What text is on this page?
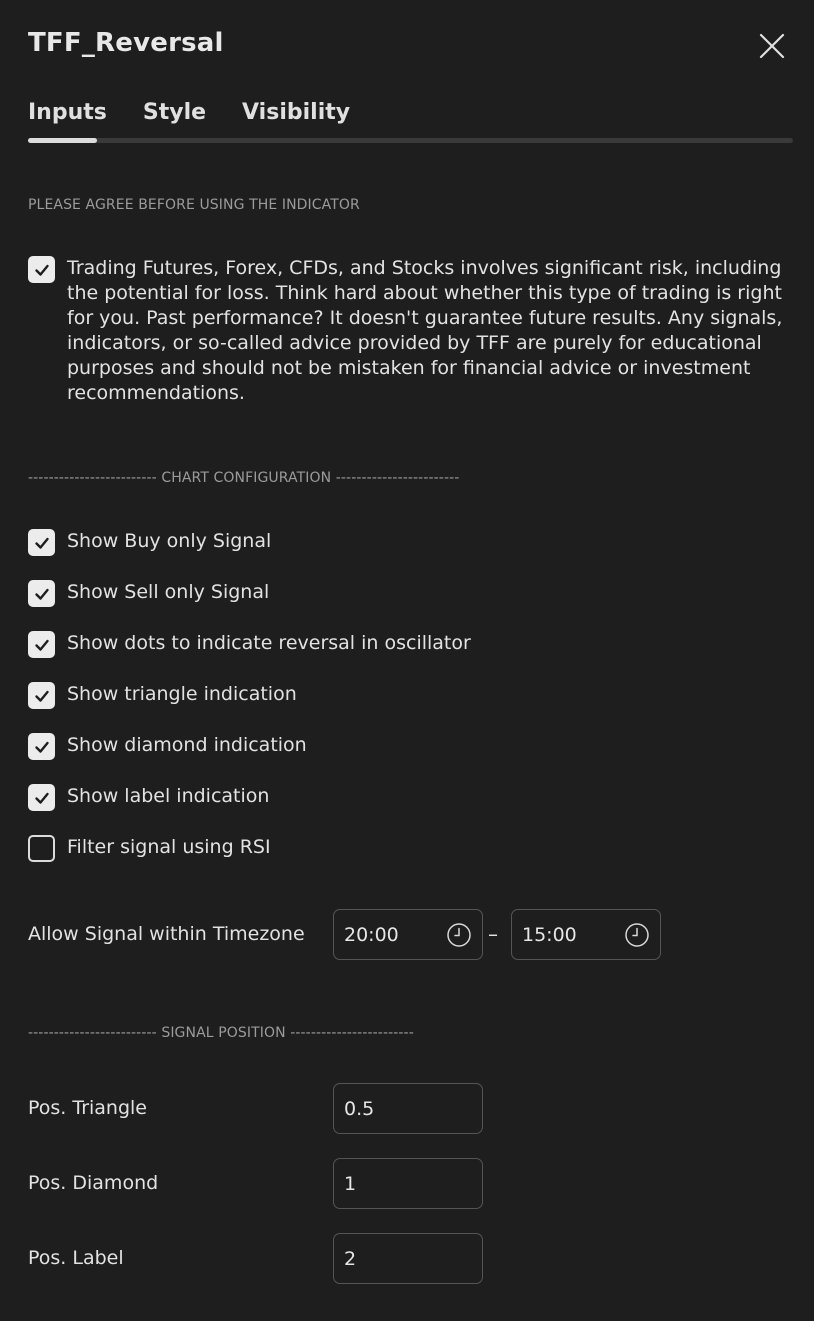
TFF_Reversal
Inputs Style Visibility
PLEASE AGREE BEFORE USING THE INDICATOR
Trading Futures, Forex, CFDs, and Stocks involves significant risk, including the potential for loss. Think hard about whether this type of trading is right for you. Past performance? It doesn't guarantee future results. Any signals, indicators, or so-called advice provided by TFF are purely for educational purposes and should not be mistaken for financial advice or investment recommendations.
------------------------- CHART CONFIGURATION ------------------------
Show Buy only Signal
Show Sell only Signal
Show dots to indicate reversal in oscillator
Show triangle indication
Show diamond indication
Show label indication
Filter signal using RSI
Allow Signal within Timezone 20:00	– 15:00
------------------------- SIGNAL POSITION ------------------------
Pos. Triangle	0.5
Pos. Diamond	1
Pos. Label	2
